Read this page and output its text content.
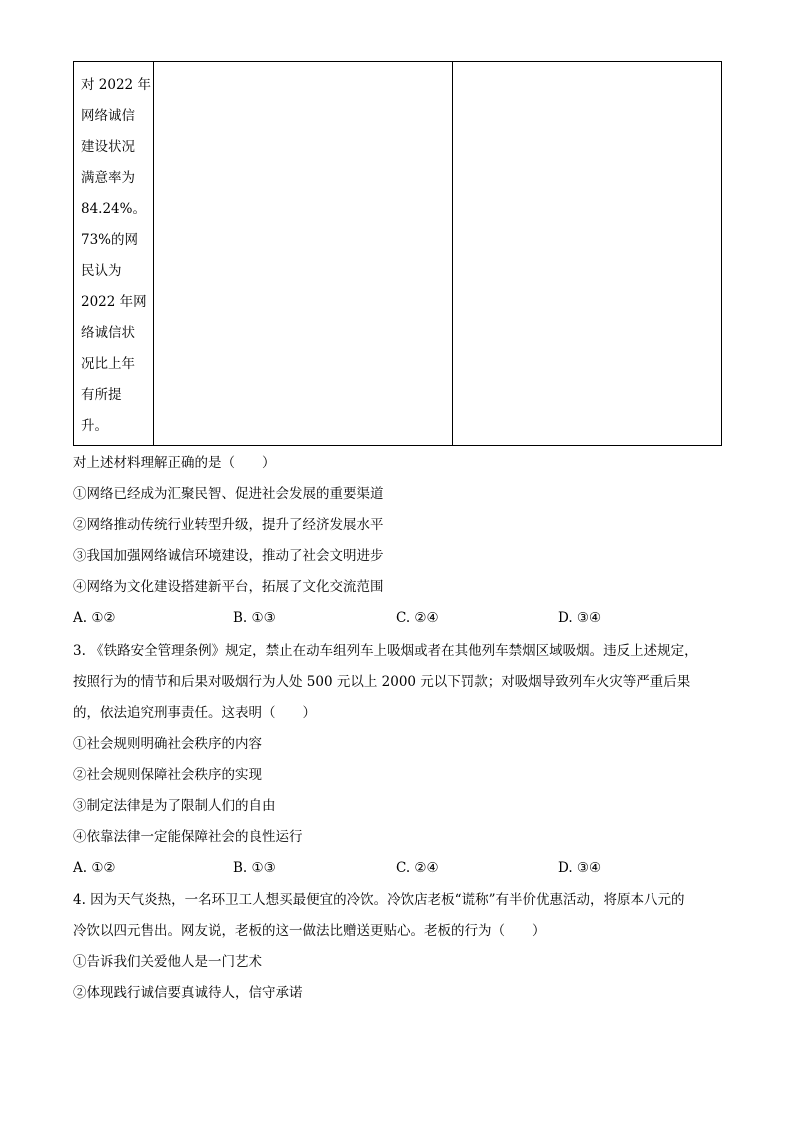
对 2022 年
网络诚信
建设状况
满意率为
84.24%。
73%的网
民认为
2022 年网
络诚信状
况比上年
有所提
升。

对上述材料理解正确的是（　　）
①网络已经成为汇聚民智、促进社会发展的重要渠道
②网络推动传统行业转型升级，提升了经济发展水平
③我国加强网络诚信环境建设，推动了社会文明进步
④网络为文化建设搭建新平台，拓展了文化交流范围
A. ①②	B. ①③	C. ②④	D. ③④
3. 《铁路安全管理条例》规定，禁止在动车组列车上吸烟或者在其他列车禁烟区域吸烟。违反上述规定，
按照行为的情节和后果对吸烟行为人处 500 元以上 2000 元以下罚款；对吸烟导致列车火灾等严重后果
的，依法追究刑事责任。这表明（　　）
①社会规则明确社会秩序的内容
②社会规则保障社会秩序的实现
③制定法律是为了限制人们的自由
④依靠法律一定能保障社会的良性运行
A. ①②	B. ①③	C. ②④	D. ③④
4. 因为天气炎热，一名环卫工人想买最便宜的冷饮。冷饮店老板“谎称”有半价优惠活动，将原本八元的
冷饮以四元售出。网友说，老板的这一做法比赠送更贴心。老板的行为（　　）
①告诉我们关爱他人是一门艺术
②体现践行诚信要真诚待人，信守承诺
